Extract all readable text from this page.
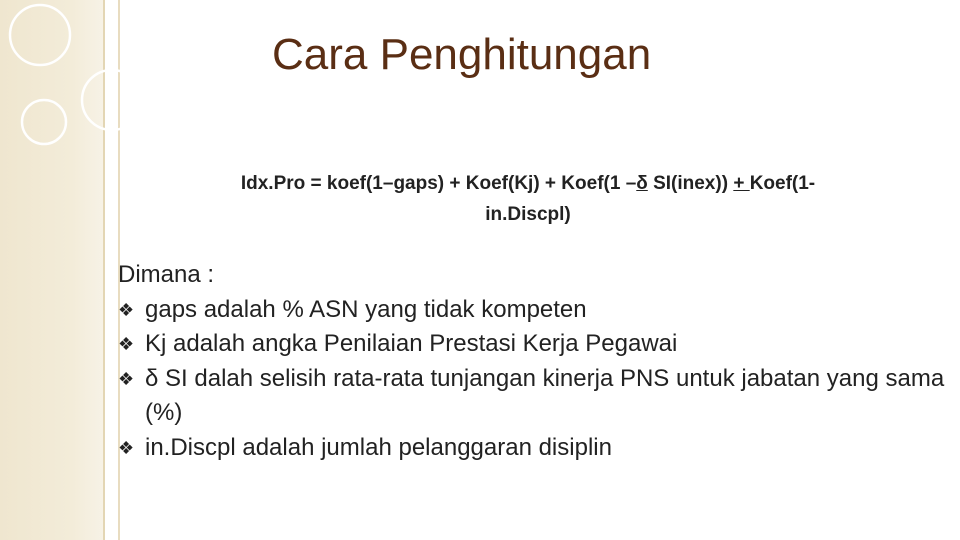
Cara Penghitungan
Idx.Pro = koef(1–gaps) + Koef(Kj) + Koef(1 –δ SI(inex)) + Koef(1-
in.Discpl)
Dimana :
❖ gaps adalah % ASN yang tidak kompeten
❖ Kj adalah angka Penilaian Prestasi Kerja Pegawai
❖ δ SI dalah selisih rata-rata tunjangan kinerja PNS untuk jabatan yang sama (%)
❖ in.Discpl adalah jumlah pelanggaran disiplin
